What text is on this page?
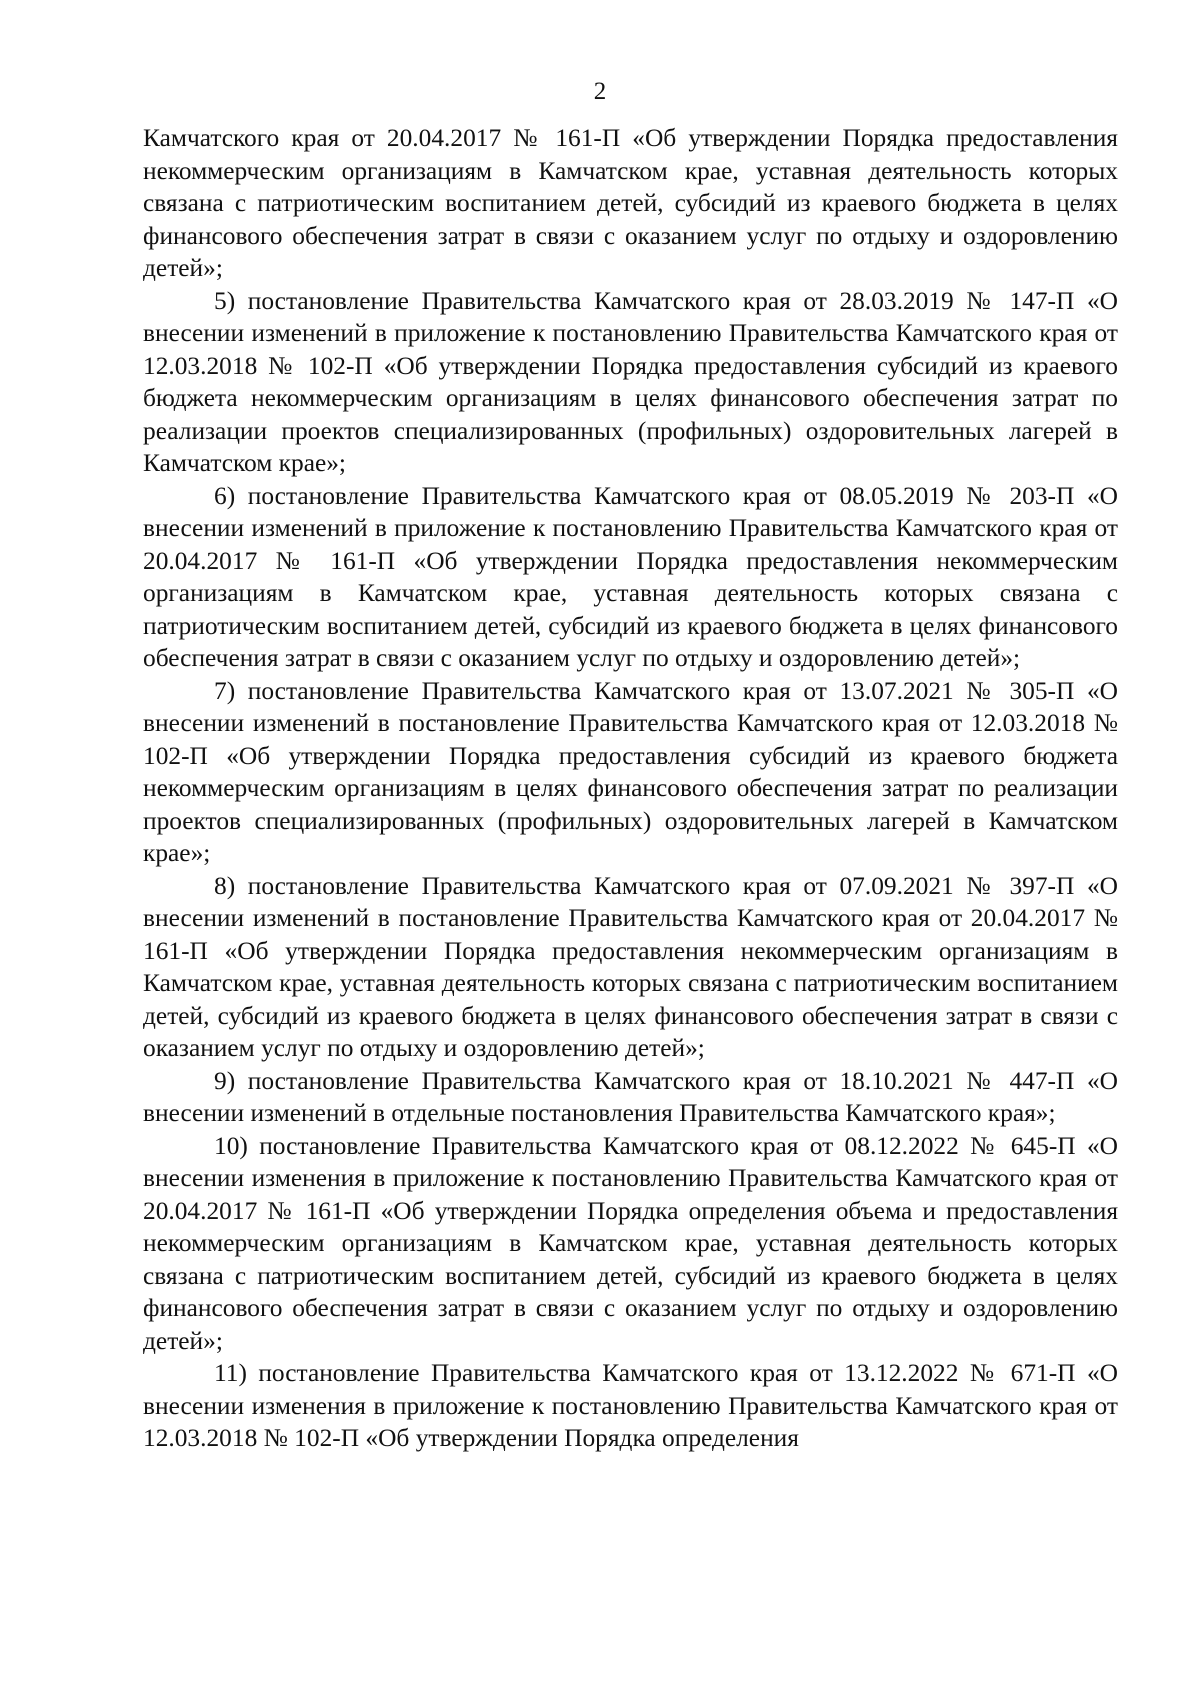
2

Камчатского края от 20.04.2017 № 161-П «Об утверждении Порядка предоставления некоммерческим организациям в Камчатском крае, уставная деятельность которых связана с патриотическим воспитанием детей, субсидий из краевого бюджета в целях финансового обеспечения затрат в связи с оказанием услуг по отдыху и оздоровлению детей»;

5) постановление Правительства Камчатского края от 28.03.2019 № 147-П «О внесении изменений в приложение к постановлению Правительства Камчатского края от 12.03.2018 № 102-П «Об утверждении Порядка предоставления субсидий из краевого бюджета некоммерческим организациям в целях финансового обеспечения затрат по реализации проектов специализированных (профильных) оздоровительных лагерей в Камчатском крае»;

6) постановление Правительства Камчатского края от 08.05.2019 № 203-П «О внесении изменений в приложение к постановлению Правительства Камчатского края от 20.04.2017 № 161-П «Об утверждении Порядка предоставления некоммерческим организациям в Камчатском крае, уставная деятельность которых связана с патриотическим воспитанием детей, субсидий из краевого бюджета в целях финансового обеспечения затрат в связи с оказанием услуг по отдыху и оздоровлению детей»;

7) постановление Правительства Камчатского края от 13.07.2021 № 305-П «О внесении изменений в постановление Правительства Камчатского края от 12.03.2018 № 102-П «Об утверждении Порядка предоставления субсидий из краевого бюджета некоммерческим организациям в целях финансового обеспечения затрат по реализации проектов специализированных (профильных) оздоровительных лагерей в Камчатском крае»;

8) постановление Правительства Камчатского края от 07.09.2021 № 397-П «О внесении изменений в постановление Правительства Камчатского края от 20.04.2017 № 161-П «Об утверждении Порядка предоставления некоммерческим организациям в Камчатском крае, уставная деятельность которых связана с патриотическим воспитанием детей, субсидий из краевого бюджета в целях финансового обеспечения затрат в связи с оказанием услуг по отдыху и оздоровлению детей»;

9) постановление Правительства Камчатского края от 18.10.2021 № 447-П «О внесении изменений в отдельные постановления Правительства Камчатского края»;

10) постановление Правительства Камчатского края от 08.12.2022 № 645-П «О внесении изменения в приложение к постановлению Правительства Камчатского края от 20.04.2017 № 161-П «Об утверждении Порядка определения объема и предоставления некоммерческим организациям в Камчатском крае, уставная деятельность которых связана с патриотическим воспитанием детей, субсидий из краевого бюджета в целях финансового обеспечения затрат в связи с оказанием услуг по отдыху и оздоровлению детей»;

11) постановление Правительства Камчатского края от 13.12.2022 № 671-П «О внесении изменения в приложение к постановлению Правительства Камчатского края от 12.03.2018 № 102-П «Об утверждении Порядка определения
